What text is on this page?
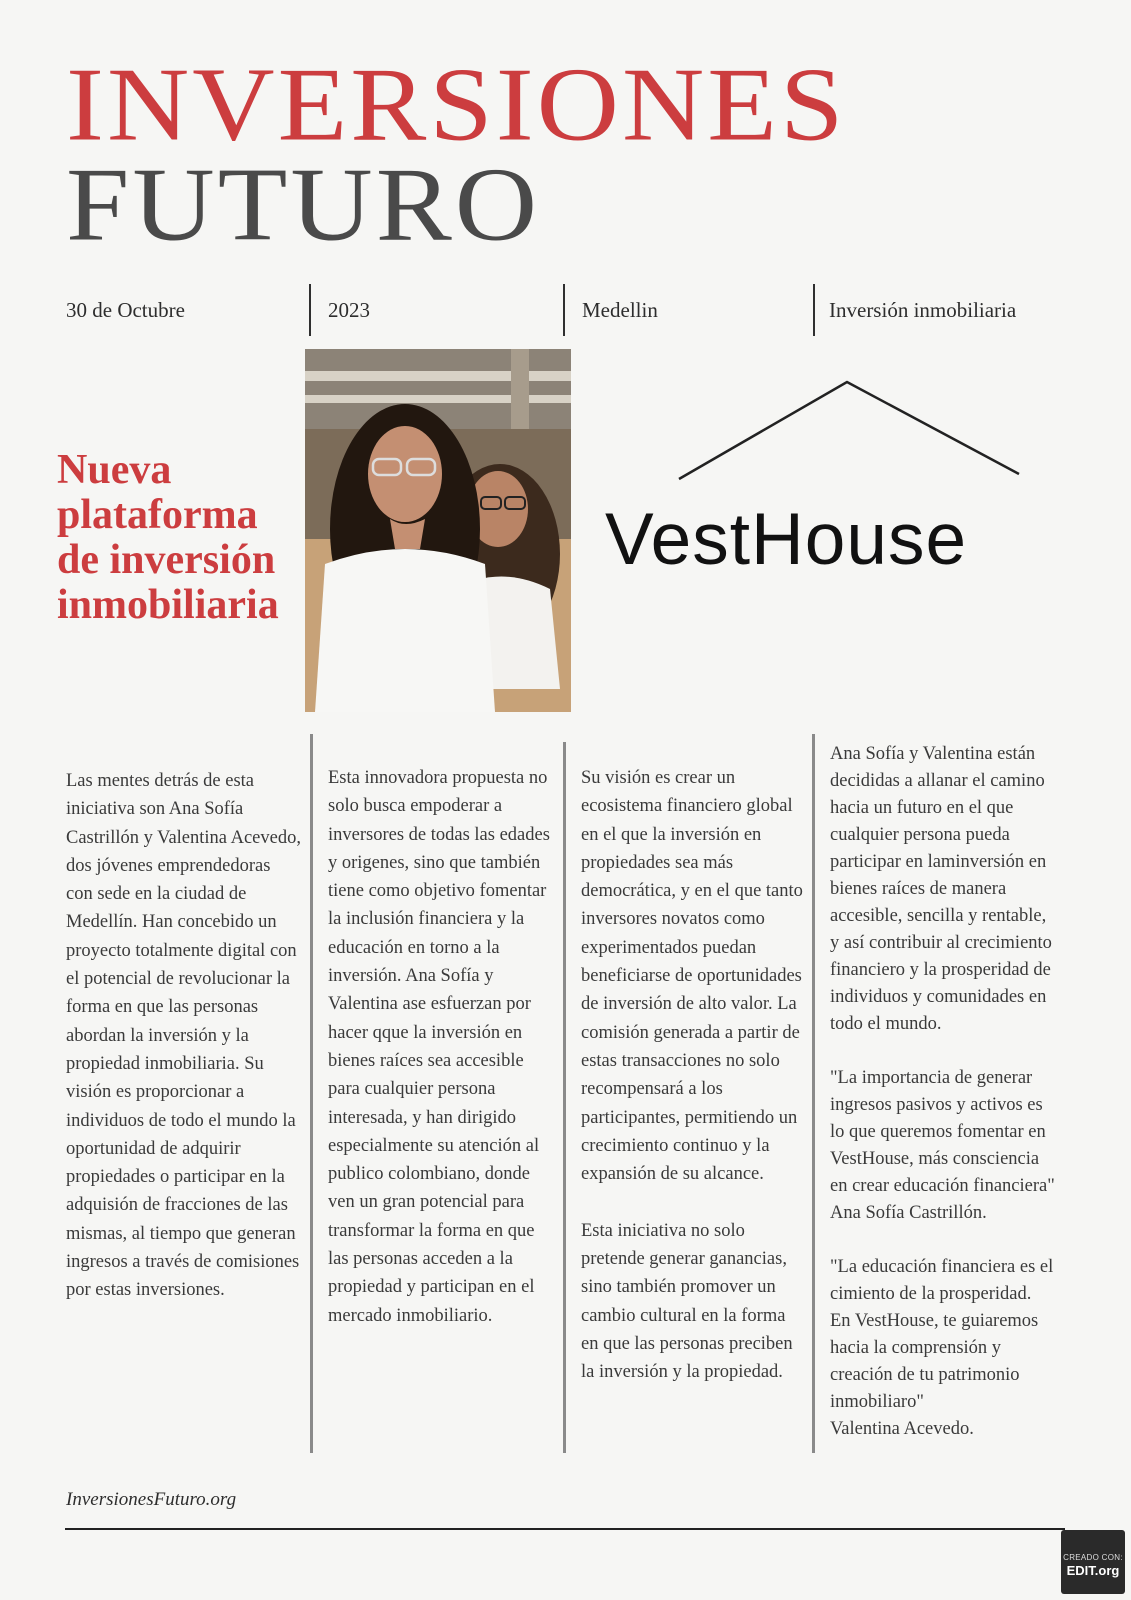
INVERSIONES
FUTURO
30 de Octubre	2023	Medellin	Inversión inmobiliaria
Nueva plataforma de inversión inmobiliaria
VestHouse
Las mentes detrás de esta iniciativa son Ana Sofía Castrillón y Valentina Acevedo, dos jóvenes emprendedoras con sede en la ciudad de Medellín. Han concebido un proyecto totalmente digital con el potencial de revolucionar la forma en que las personas abordan la inversión y la propiedad inmobiliaria. Su visión es proporcionar a individuos de todo el mundo la oportunidad de adquirir propiedades o participar en la adquisión de fracciones de las mismas, al tiempo que generan ingresos a través de comisiones por estas inversiones.
Esta innovadora propuesta no solo busca empoderar a inversores de todas las edades y origenes, sino que también tiene como objetivo fomentar la inclusión financiera y la educación en torno a la inversión. Ana Sofía y Valentina ase esfuerzan por hacer qque la inversión en bienes raíces sea accesible para cualquier persona interesada, y han dirigido especialmente su atención al publico colombiano, donde ven un gran potencial para transformar la forma en que las personas acceden a la propiedad y participan en el mercado inmobiliario.
Su visión es crear un ecosistema financiero global en el que la inversión en propiedades sea más democrática, y en el que tanto inversores novatos como experimentados puedan beneficiarse de oportunidades de inversión de alto valor. La comisión generada a partir de estas transacciones no solo recompensará a los participantes, permitiendo un crecimiento continuo y la expansión de su alcance.

Esta iniciativa no solo pretende generar ganancias, sino también promover un cambio cultural en la forma en que las personas preciben la inversión y la propiedad.
Ana Sofía y Valentina están decididas a allanar el camino hacia un futuro en el que cualquier persona pueda participar en laminversión en bienes raíces de manera accesible, sencilla y rentable, y así contribuir al crecimiento financiero y la prosperidad de individuos y comunidades en todo el mundo.

"La importancia de generar ingresos pasivos y activos es lo que queremos fomentar en VestHouse, más consciencia en crear educación financiera"
Ana Sofía Castrillón.

"La educación financiera es el cimiento de la prosperidad. En VestHouse, te guiaremos hacia la comprensión y creación de tu patrimonio inmobiliaro"
Valentina Acevedo.
InversionesFuturo.org
CREADO CON:
EDIT.org
